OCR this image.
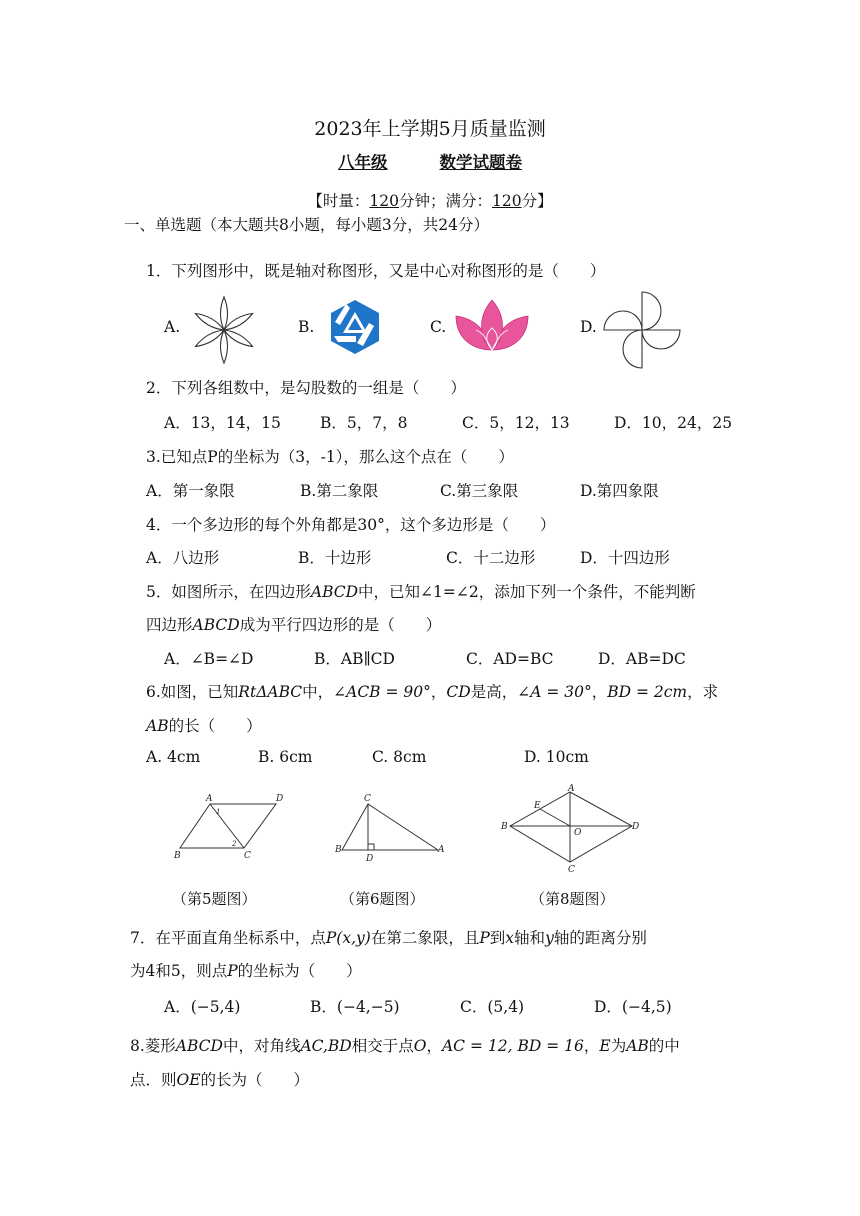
2023年上学期5月质量监测
八年级	数学试题卷
【时量：120分钟；满分：120分】
一、单选题（本大题共8小题，每小题3分，共24分）
1．下列图形中，既是轴对称图形，又是中心对称图形的是（　　）
A.	B.	C.	D.
2．下列各组数中，是勾股数的一组是（　　）
A．13，14，15	B．5，7，8	C．5，12，13	D．10，24，25
3.已知点P的坐标为（3，-1），那么这个点在（　　）
A．第一象限	B.第二象限	C.第三象限	D.第四象限
4．一个多边形的每个外角都是30°，这个多边形是（　　）
A．八边形	B．十边形	C．十二边形	D．十四边形
5．如图所示，在四边形ABCD中，已知∠1=∠2，添加下列一个条件，不能判断
四边形ABCD成为平行四边形的是（　　）
A．∠B=∠D	B．AB∥CD	C．AD=BC	D．AB=DC
6.如图，已知RtΔABC中，∠ACB = 90°，CD是高，∠A = 30°，BD = 2cm，求
AB的长（　　）
A. 4cm	B. 6cm	C. 8cm	D. 10cm
A	D
B	C
1
2
C
B
D
A
E
A
B
O
D
C
（第5题图）	（第6题图）	（第8题图）
7．在平面直角坐标系中，点P(x,y)在第二象限，且P到x轴和y轴的距离分别
为4和5，则点P的坐标为（　　）
A．(−5,4)	B．(−4,−5)	C．(5,4)	D．(−4,5)
8.菱形ABCD中，对角线AC,BD相交于点O，AC = 12, BD = 16，E为AB的中
点．则OE的长为（　　）
